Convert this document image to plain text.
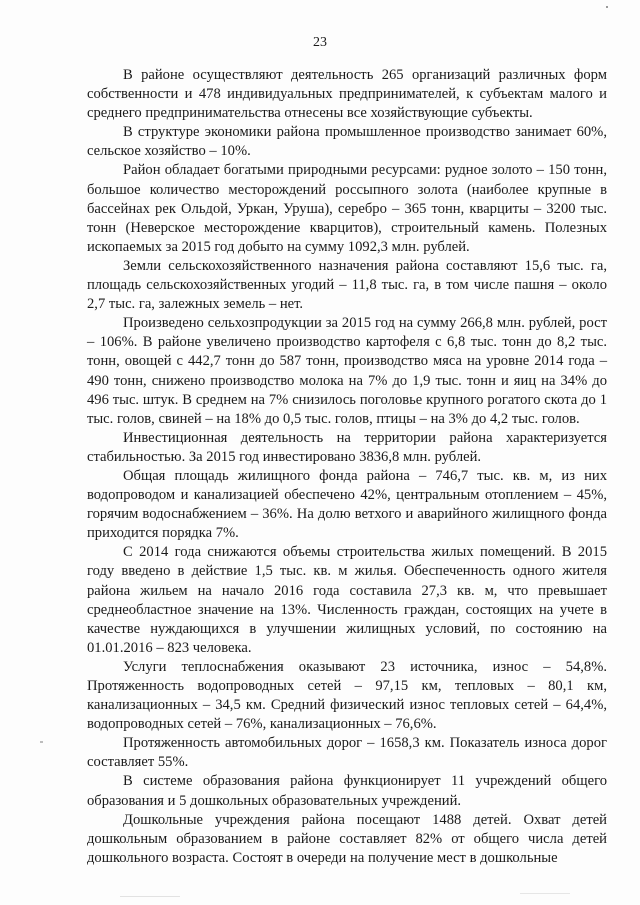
23

В районе осуществляют деятельность 265 организаций различных форм собственности и 478 индивидуальных предпринимателей, к субъектам малого и среднего предпринимательства отнесены все хозяйствующие субъекты.

В структуре экономики района промышленное производство занимает 60%, сельское хозяйство – 10%.

Район обладает богатыми природными ресурсами: рудное золото – 150 тонн, большое количество месторождений россыпного золота (наиболее крупные в бассейнах рек Ольдой, Уркан, Уруша), серебро – 365 тонн, кварциты – 3200 тыс. тонн (Неверское месторождение кварцитов), строительный камень. Полезных ископаемых за 2015 год добыто на сумму 1092,3 млн. рублей.

Земли сельскохозяйственного назначения района составляют 15,6 тыс. га, площадь сельскохозяйственных угодий – 11,8 тыс. га, в том числе пашня – около 2,7 тыс. га, залежных земель – нет.

Произведено сельхозпродукции за 2015 год на сумму 266,8 млн. рублей, рост – 106%. В районе увеличено производство картофеля с 6,8 тыс. тонн до 8,2 тыс. тонн, овощей с 442,7 тонн до 587 тонн, производство мяса на уровне 2014 года – 490 тонн, снижено производство молока на 7% до 1,9 тыс. тонн и яиц на 34% до 496 тыс. штук. В среднем на 7% снизилось поголовье крупного рогатого скота до 1 тыс. голов, свиней – на 18% до 0,5 тыс. голов, птицы – на 3% до 4,2 тыс. голов.

Инвестиционная деятельность на территории района характеризуется стабильностью. За 2015 год инвестировано 3836,8 млн. рублей.

Общая площадь жилищного фонда района – 746,7 тыс. кв. м, из них водопроводом и канализацией обеспечено 42%, центральным отоплением – 45%, горячим водоснабжением – 36%. На долю ветхого и аварийного жилищного фонда приходится порядка 7%.

С 2014 года снижаются объемы строительства жилых помещений. В 2015 году введено в действие 1,5 тыс. кв. м жилья. Обеспеченность одного жителя района жильем на начало 2016 года составила 27,3 кв. м, что превышает среднеобластное значение на 13%. Численность граждан, состоящих на учете в качестве нуждающихся в улучшении жилищных условий, по состоянию на 01.01.2016 – 823 человека.

Услуги теплоснабжения оказывают 23 источника, износ – 54,8%. Протяженность водопроводных сетей – 97,15 км, тепловых – 80,1 км, канализационных – 34,5 км. Средний физический износ тепловых сетей – 64,4%, водопроводных сетей – 76%, канализационных – 76,6%.

Протяженность автомобильных дорог – 1658,3 км. Показатель износа дорог составляет 55%.

В системе образования района функционирует 11 учреждений общего образования и 5 дошкольных образовательных учреждений.

Дошкольные учреждения района посещают 1488 детей. Охват детей дошкольным образованием в районе составляет 82% от общего числа детей дошкольного возраста. Состоят в очереди на получение мест в дошкольные
